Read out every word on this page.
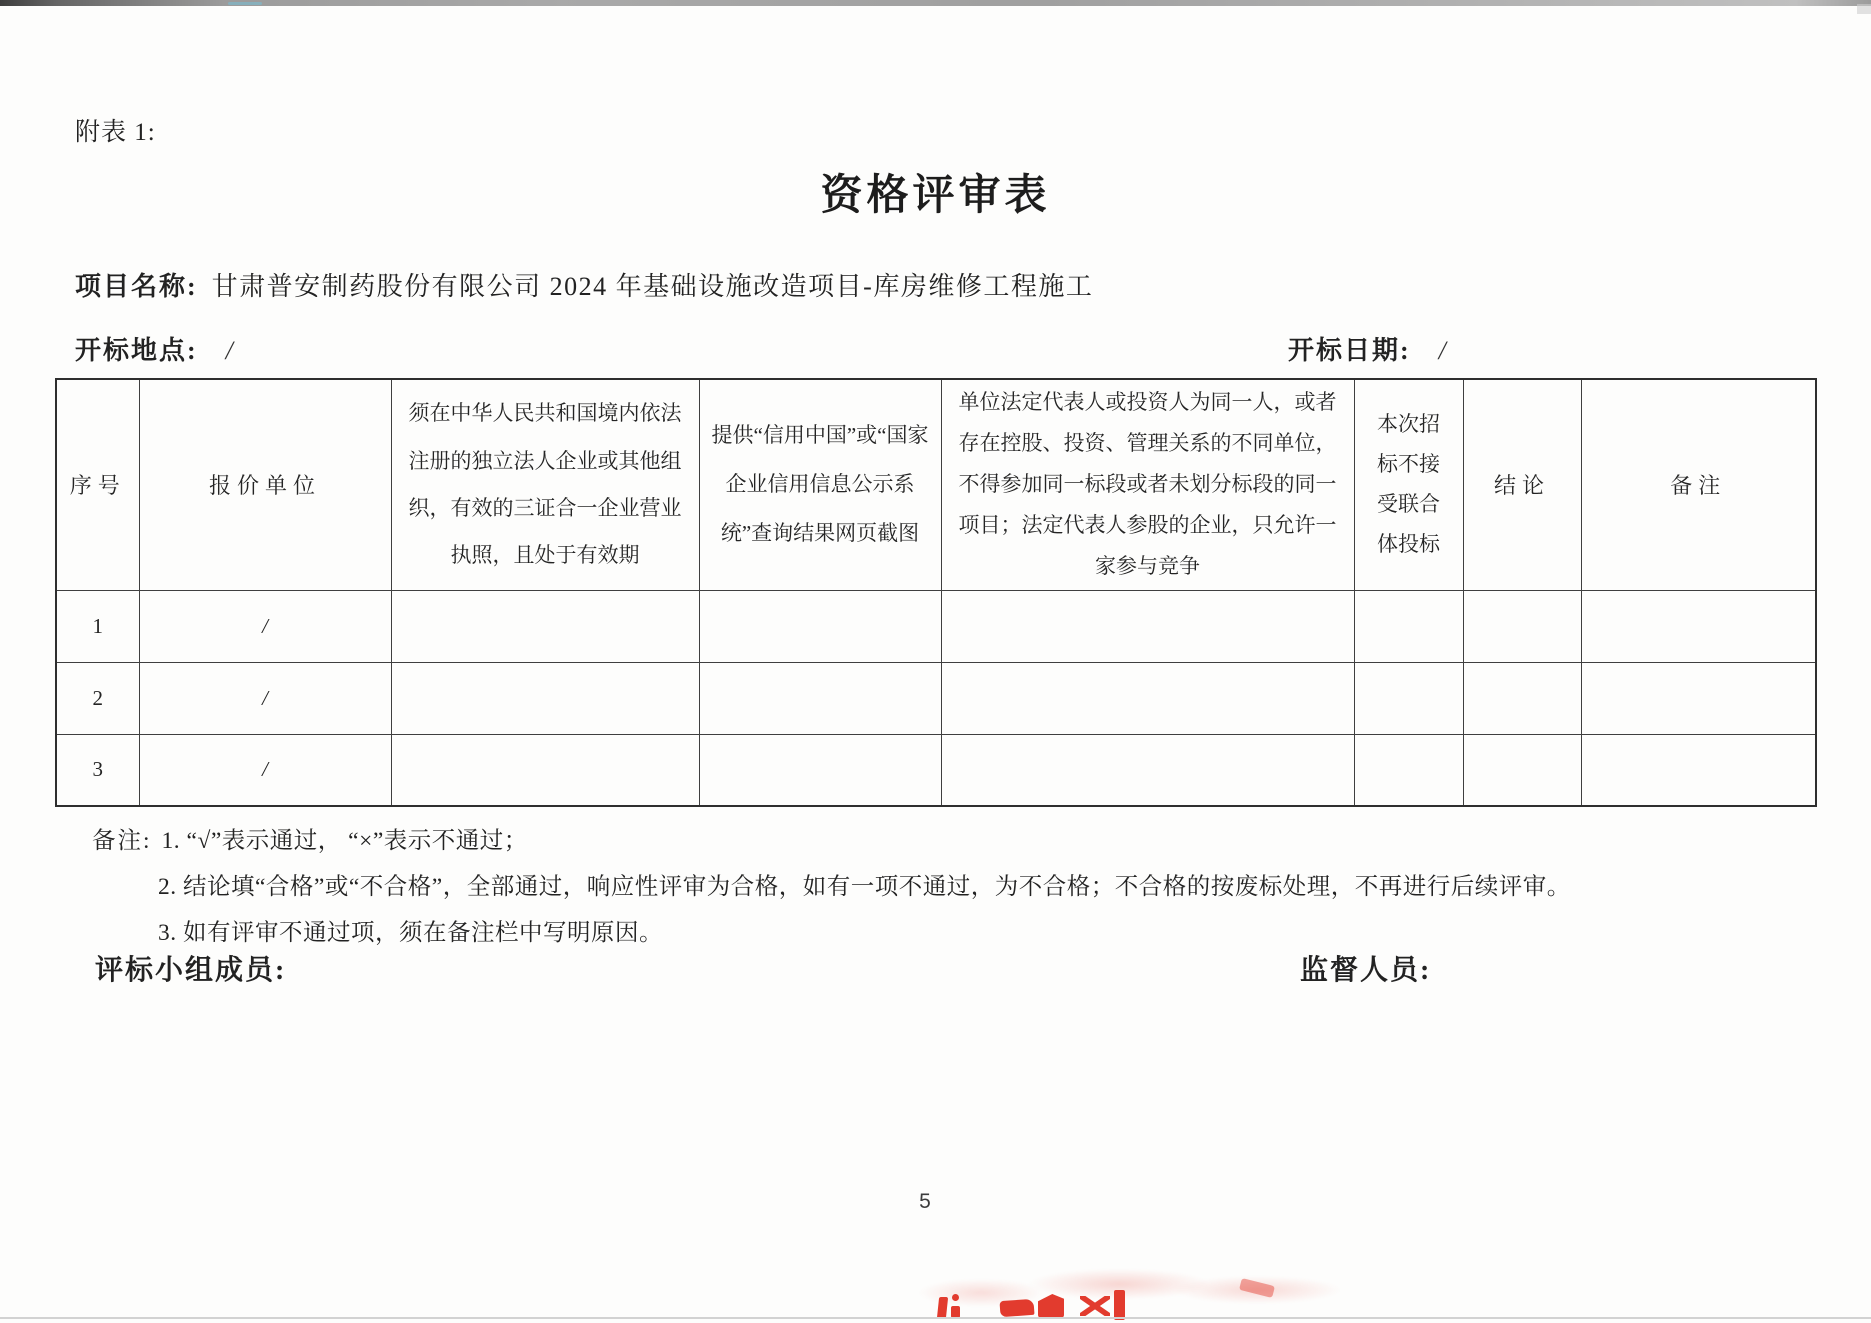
附表 1:
资格评审表
项目名称: 甘肃普安制药股份有限公司 2024 年基础设施改造项目-库房维修工程施工
开标地点: /	开标日期: /
序号	报价单位	须在中华人民共和国境内依法注册的独立法人企业或其他组织，有效的三证合一企业营业执照，且处于有效期	提供“信用中国”或“国家企业信用信息公示系统”查询结果网页截图	单位法定代表人或投资人为同一人，或者存在控股、投资、管理关系的不同单位，不得参加同一标段或者未划分标段的同一项目；法定代表人参股的企业，只允许一家参与竞争	本次招标不接受联合体投标	结论	备注
1	/						
2	/						
3	/						
备注: 1. “√”表示通过， “×”表示不通过；
2. 结论填“合格”或“不合格”，全部通过，响应性评审为合格，如有一项不通过，为不合格；不合格的按废标处理，不再进行后续评审。
3. 如有评审不通过项，须在备注栏中写明原因。
评标小组成员:	监督人员:
5
